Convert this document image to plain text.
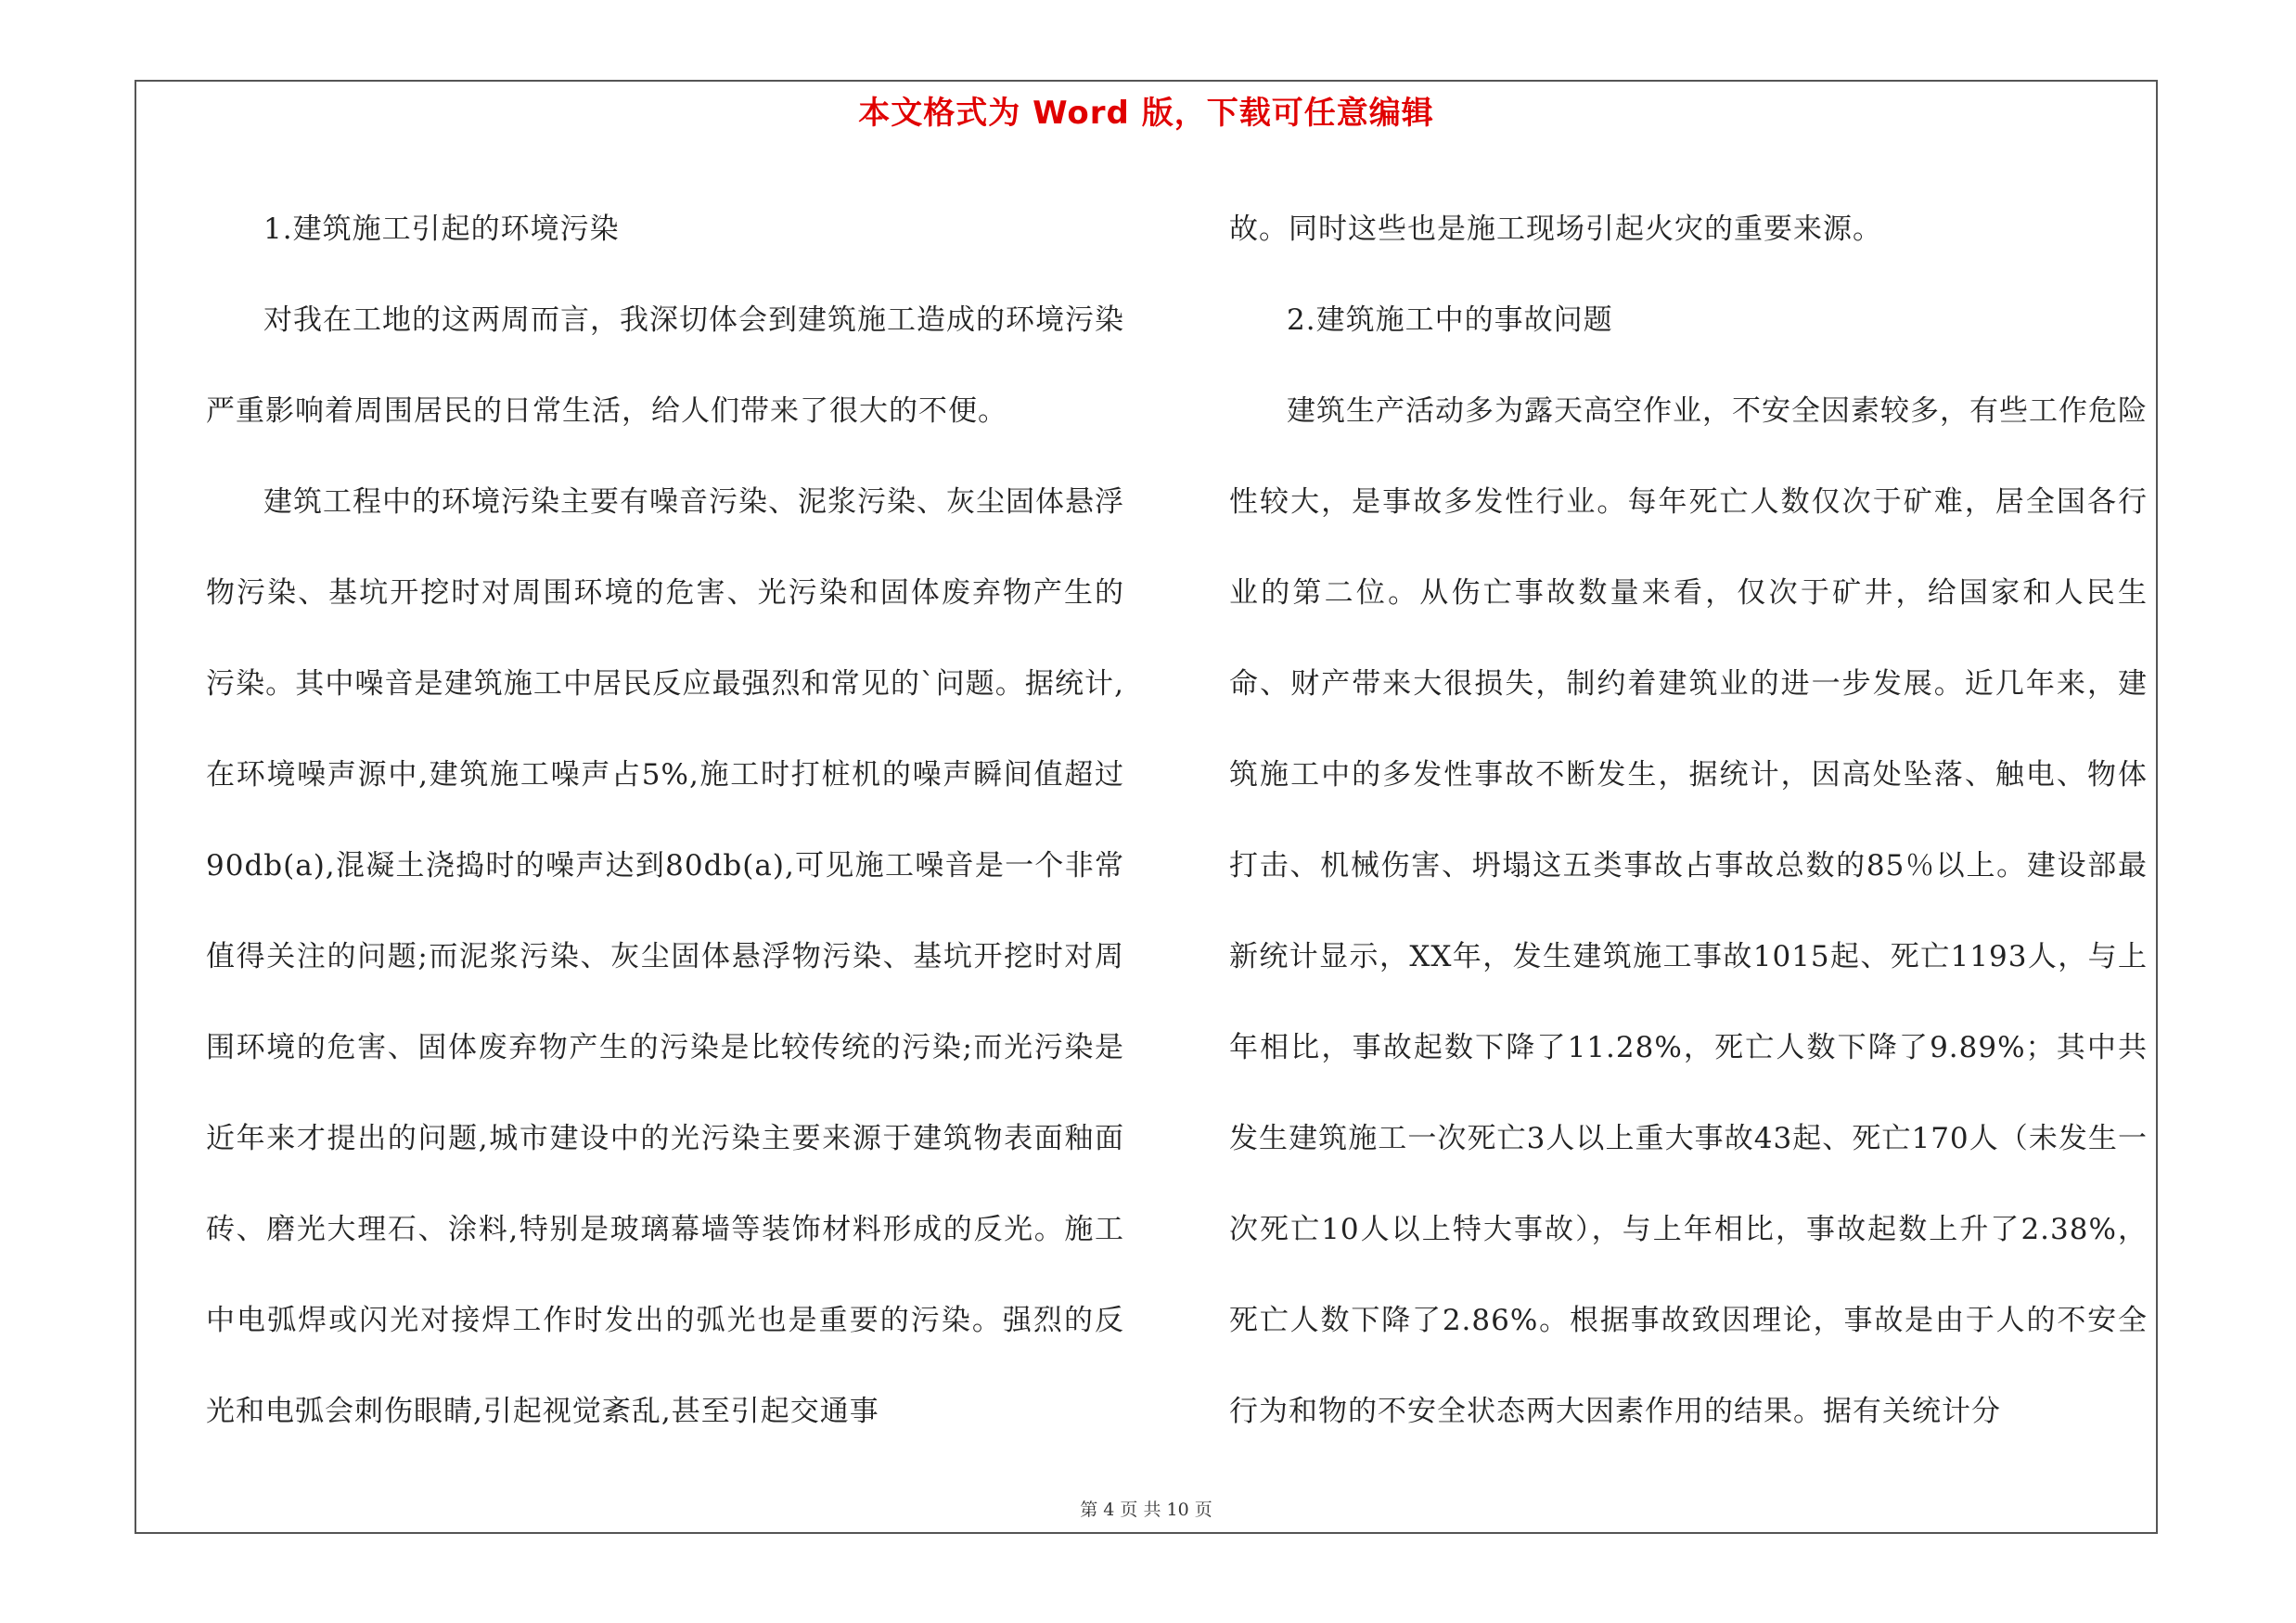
本文格式为 Word 版，下载可任意编辑

1.建筑施工引起的环境污染

对我在工地的这两周而言，我深切体会到建筑施工造成的环境污染严重影响着周围居民的日常生活，给人们带来了很大的不便。

建筑工程中的环境污染主要有噪音污染、泥浆污染、灰尘固体悬浮物污染、基坑开挖时对周围环境的危害、光污染和固体废弃物产生的污染。其中噪音是建筑施工中居民反应最强烈和常见的`问题。据统计,在环境噪声源中,建筑施工噪声占5%,施工时打桩机的噪声瞬间值超过90db(a),混凝土浇捣时的噪声达到80db(a),可见施工噪音是一个非常值得关注的问题;而泥浆污染、灰尘固体悬浮物污染、基坑开挖时对周围环境的危害、固体废弃物产生的污染是比较传统的污染;而光污染是近年来才提出的问题,城市建设中的光污染主要来源于建筑物表面釉面砖、磨光大理石、涂料,特别是玻璃幕墙等装饰材料形成的反光。施工中电弧焊或闪光对接焊工作时发出的弧光也是重要的污染。强烈的反光和电弧会刺伤眼睛,引起视觉紊乱,甚至引起交通事

故。同时这些也是施工现场引起火灾的重要来源。

2.建筑施工中的事故问题

建筑生产活动多为露天高空作业，不安全因素较多，有些工作危险性较大，是事故多发性行业。每年死亡人数仅次于矿难，居全国各行业的第二位。从伤亡事故数量来看，仅次于矿井，给国家和人民生命、财产带来大很损失，制约着建筑业的进一步发展。近几年来，建筑施工中的多发性事故不断发生，据统计，因高处坠落、触电、物体打击、机械伤害、坍塌这五类事故占事故总数的85％以上。建设部最新统计显示，XX年，发生建筑施工事故1015起、死亡1193人，与上年相比，事故起数下降了11.28%，死亡人数下降了9.89%；其中共发生建筑施工一次死亡3人以上重大事故43起、死亡170人（未发生一次死亡10人以上特大事故），与上年相比，事故起数上升了2.38%，死亡人数下降了2.86%。根据事故致因理论，事故是由于人的不安全行为和物的不安全状态两大因素作用的结果。据有关统计分

第 4 页 共 10 页
